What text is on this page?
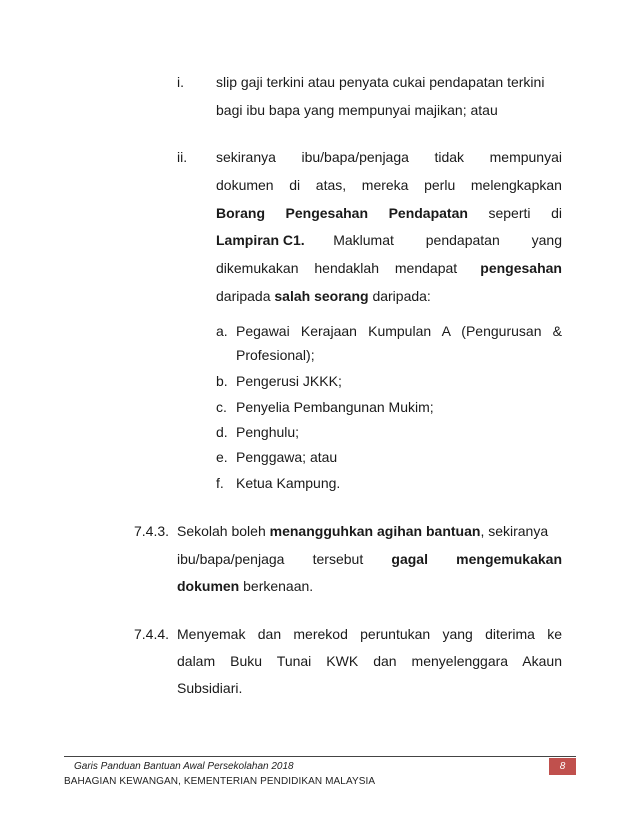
i. slip gaji terkini atau penyata cukai pendapatan terkini
bagi ibu bapa yang mempunyai majikan; atau
ii. sekiranya ibu/bapa/penjaga tidak mempunyai
dokumen di atas, mereka perlu melengkapkan
Borang Pengesahan Pendapatan seperti di
Lampiran C1. Maklumat pendapatan yang
dikemukakan hendaklah mendapat pengesahan
daripada salah seorang daripada:
a. Pegawai Kerajaan Kumpulan A (Pengurusan &
Profesional);
b. Pengerusi JKKK;
c. Penyelia Pembangunan Mukim;
d. Penghulu;
e. Penggawa; atau
f. Ketua Kampung.
7.4.3. Sekolah boleh menangguhkan agihan bantuan, sekiranya
ibu/bapa/penjaga tersebut gagal mengemukakan
dokumen berkenaan.
7.4.4. Menyemak dan merekod peruntukan yang diterima ke
dalam Buku Tunai KWK dan menyelenggara Akaun
Subsidiari.
Garis Panduan Bantuan Awal Persekolahan 2018	8
BAHAGIAN KEWANGAN, KEMENTERIAN PENDIDIKAN MALAYSIA
